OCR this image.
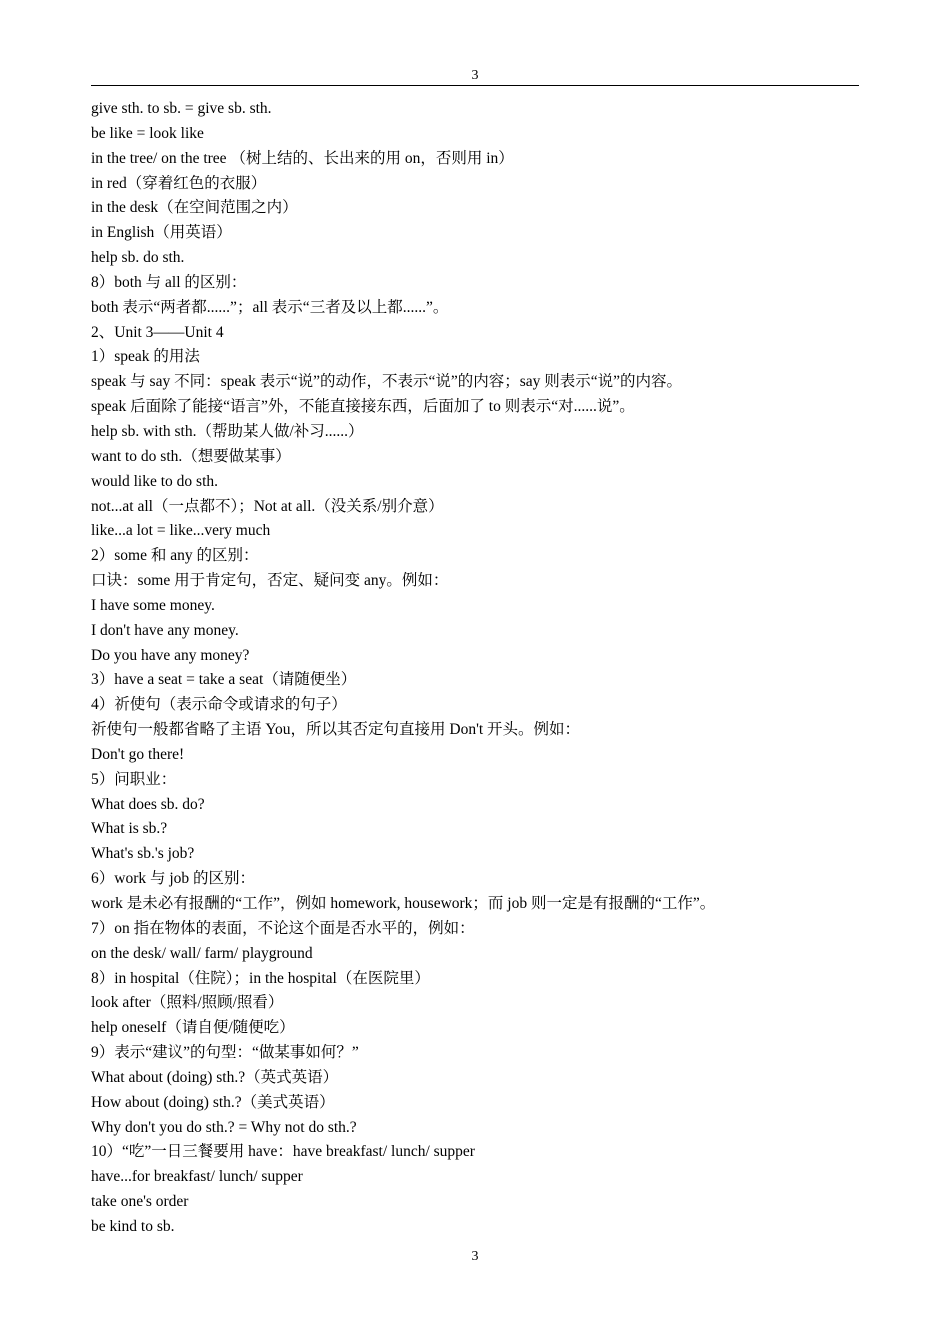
3
give sth. to sb. = give sb. sth.
be like = look like
in the tree/ on the tree （树上结的、长出来的用 on，否则用 in）
in red（穿着红色的衣服）
in the desk（在空间范围之内）
in English（用英语）
help sb. do sth.
8）both 与 all 的区别：
both 表示“两者都......”；all 表示“三者及以上都......”。
2、Unit 3——Unit 4
1）speak 的用法
speak 与 say 不同：speak 表示“说”的动作，不表示“说”的内容；say 则表示“说”的内容。
speak 后面除了能接“语言”外，不能直接接东西，后面加了 to 则表示“对......说”。
help sb. with sth.（帮助某人做/补习......）
want to do sth.（想要做某事）
would like to do sth.
not...at all（一点都不）；Not at all.（没关系/别介意）
like...a lot = like...very much
2）some 和 any 的区别：
口诀：some 用于肯定句，否定、疑问变 any。例如：
I have some money.
I don't have any money.
Do you have any money?
3）have a seat = take a seat（请随便坐）
4）祈使句（表示命令或请求的句子）
祈使句一般都省略了主语 You，所以其否定句直接用 Don't 开头。例如：
Don't go there!
5）问职业：
What does sb. do?
What is sb.?
What's sb.'s job?
6）work 与 job 的区别：
work 是未必有报酬的“工作”，例如 homework, housework；而 job 则一定是有报酬的“工作”。
7）on 指在物体的表面，不论这个面是否水平的，例如：
on the desk/ wall/ farm/ playground
8）in hospital（住院）；in the hospital（在医院里）
look after（照料/照顾/照看）
help oneself（请自便/随便吃）
9）表示“建议”的句型：“做某事如何？”
What about (doing) sth.?（英式英语）
How about (doing) sth.?（美式英语）
Why don't you do sth.? = Why not do sth.?
10）“吃”一日三餐要用 have：have breakfast/ lunch/ supper
have...for breakfast/ lunch/ supper
take one's order
be kind to sb.
3
